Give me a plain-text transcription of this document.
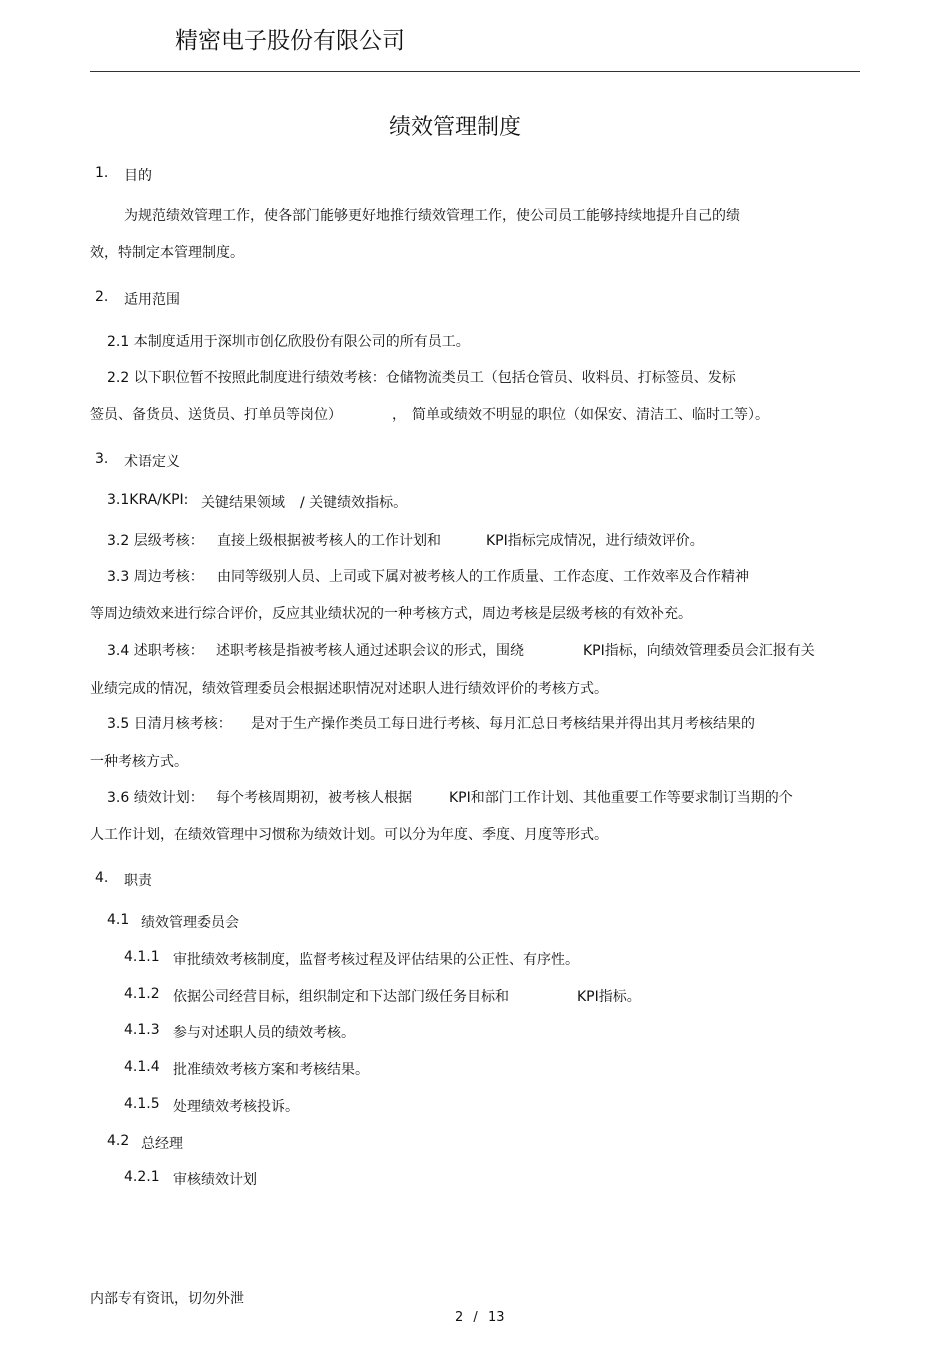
精密电子股份有限公司
绩效管理制度
1. 目的
为规范绩效管理工作，使各部门能够更好地推行绩效管理工作，使公司员工能够持续地提升自己的绩
效，特制定本管理制度。
2. 适用范围
2.1 本制度适用于深圳市创亿欣股份有限公司的所有员工。
2.2 以下职位暂不按照此制度进行绩效考核：仓储物流类员工（包括仓管员、收料员、打标签员、发标
签员、备货员、送货员、打单员等岗位）	， 简单或绩效不明显的职位（如保安、清洁工、临时工等）。
3. 术语定义
3.1KRA/KPI: 关键结果领域 / 关键绩效指标。
3.2 层级考核： 直接上级根据被考核人的工作计划和	KPI指标完成情况，进行绩效评价。
3.3 周边考核： 由同等级别人员、上司或下属对被考核人的工作质量、工作态度、工作效率及合作精神
等周边绩效来进行综合评价，反应其业绩状况的一种考核方式，周边考核是层级考核的有效补充。
3.4 述职考核： 述职考核是指被考核人通过述职会议的形式，围绕	KPI指标，向绩效管理委员会汇报有关
业绩完成的情况，绩效管理委员会根据述职情况对述职人进行绩效评价的考核方式。
3.5 日清月核考核： 是对于生产操作类员工每日进行考核、每月汇总日考核结果并得出其月考核结果的
一种考核方式。
3.6 绩效计划： 每个考核周期初，被考核人根据	KPI和部门工作计划、其他重要工作等要求制订当期的个
人工作计划，在绩效管理中习惯称为绩效计划。可以分为年度、季度、月度等形式。
4. 职责
4.1 绩效管理委员会
4.1.1 审批绩效考核制度，监督考核过程及评估结果的公正性、有序性。
4.1.2 依据公司经营目标，组织制定和下达部门级任务目标和	KPI指标。
4.1.3 参与对述职人员的绩效考核。
4.1.4 批准绩效考核方案和考核结果。
4.1.5 处理绩效考核投诉。
4.2 总经理
4.2.1 审核绩效计划
内部专有资讯，切勿外泄
2 / 13
